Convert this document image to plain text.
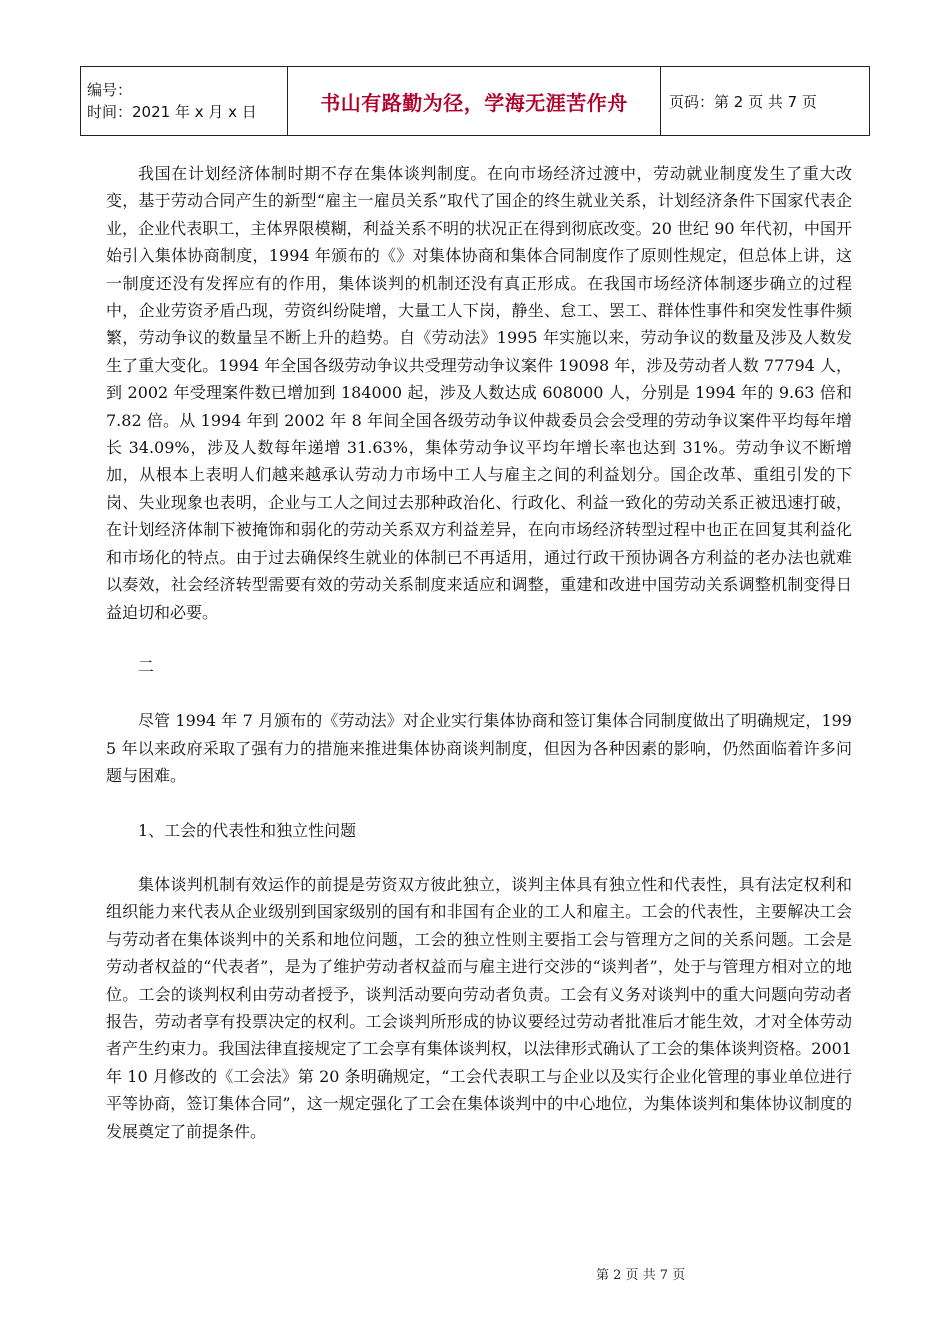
编号：
时间：2021 年 x 月 x 日	书山有路勤为径，学海无涯苦作舟	页码：第 2 页 共 7 页

我国在计划经济体制时期不存在集体谈判制度。在向市场经济过渡中，劳动就业制度发生了重大改变，基于劳动合同产生的新型“雇主一雇员关系”取代了国企的终生就业关系，计划经济条件下国家代表企业，企业代表职工，主体界限模糊，利益关系不明的状况正在得到彻底改变。20 世纪 90 年代初，中国开始引入集体协商制度，1994 年颁布的《》对集体协商和集体合同制度作了原则性规定，但总体上讲，这一制度还没有发挥应有的作用，集体谈判的机制还没有真正形成。在我国市场经济体制逐步确立的过程中，企业劳资矛盾凸现，劳资纠纷陡增，大量工人下岗，静坐、怠工、罢工、群体性事件和突发性事件频繁，劳动争议的数量呈不断上升的趋势。自《劳动法》1995 年实施以来，劳动争议的数量及涉及人数发生了重大变化。1994 年全国各级劳动争议共受理劳动争议案件 19098 年，涉及劳动者人数 77794 人，到 2002 年受理案件数已增加到 184000 起，涉及人数达成 608000 人，分别是 1994 年的 9.63 倍和 7.82 倍。从 1994 年到 2002 年 8 年间全国各级劳动争议仲裁委员会会受理的劳动争议案件平均每年增长 34.09%，涉及人数每年递增 31.63%，集体劳动争议平均年增长率也达到 31%。劳动争议不断增加，从根本上表明人们越来越承认劳动力市场中工人与雇主之间的利益划分。国企改革、重组引发的下岗、失业现象也表明，企业与工人之间过去那种政治化、行政化、利益一致化的劳动关系正被迅速打破，在计划经济体制下被掩饰和弱化的劳动关系双方利益差异，在向市场经济转型过程中也正在回复其利益化和市场化的特点。由于过去确保终生就业的体制已不再适用，通过行政干预协调各方利益的老办法也就难以奏效，社会经济转型需要有效的劳动关系制度来适应和调整，重建和改进中国劳动关系调整机制变得日益迫切和必要。

二

尽管 1994 年 7 月颁布的《劳动法》对企业实行集体协商和签订集体合同制度做出了明确规定，1995 年以来政府采取了强有力的措施来推进集体协商谈判制度，但因为各种因素的影响，仍然面临着许多问题与困难。

1、工会的代表性和独立性问题

集体谈判机制有效运作的前提是劳资双方彼此独立，谈判主体具有独立性和代表性，具有法定权利和组织能力来代表从企业级别到国家级别的国有和非国有企业的工人和雇主。工会的代表性，主要解决工会与劳动者在集体谈判中的关系和地位问题，工会的独立性则主要指工会与管理方之间的关系问题。工会是劳动者权益的“代表者”，是为了维护劳动者权益而与雇主进行交涉的“谈判者”，处于与管理方相对立的地位。工会的谈判权利由劳动者授予，谈判活动要向劳动者负责。工会有义务对谈判中的重大问题向劳动者报告，劳动者享有投票决定的权利。工会谈判所形成的协议要经过劳动者批准后才能生效，才对全体劳动者产生约束力。我国法律直接规定了工会享有集体谈判权，以法律形式确认了工会的集体谈判资格。2001 年 10 月修改的《工会法》第 20 条明确规定，“工会代表职工与企业以及实行企业化管理的事业单位进行平等协商，签订集体合同”，这一规定强化了工会在集体谈判中的中心地位，为集体谈判和集体协议制度的发展奠定了前提条件。

第 2 页 共 7 页
